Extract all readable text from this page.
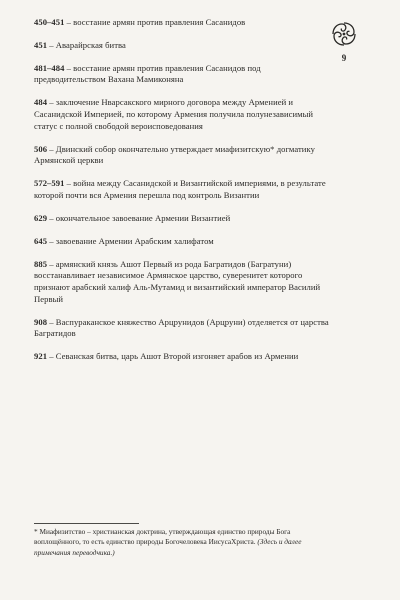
9

450–451 – восстание армян против правления Сасанидов

451 – Аварайрская битва

481–484 – восстание армян против правления Сасанидов под предводительством Вахана Мамиконяна

484 – заключение Нварсакского мирного договора между Арменией и Сасанидской Империей, по которому Армения получила полунезависимый статус с полной свободой вероисповедования

506 – Двинский собор окончательно утверждает миафизитскую* догматику Армянской церкви

572–591 – война между Сасанидской и Византийской империями, в результате которой почти вся Армения перешла под контроль Византии

629 – окончательное завоевание Армении Византией

645 – завоевание Армении Арабским халифатом

885 – армянский князь Ашот Первый из рода Багратидов (Багратуни) восстанавливает независимое Армянское царство, суверенитет которого признают арабский халиф Аль-Мутамид и византийский император Василий Первый

908 – Васпураканское княжество Арцрунидов (Арцруни) отделяется от царства Багратидов

921 – Севанская битва, царь Ашот Второй изгоняет арабов из Армении

* Миафизитство – христианская доктрина, утверждающая единство природы Бога воплощённого, то есть единство природы Богочеловека ИисусаХриста. (Здесь и далее примечания переводчика.)
